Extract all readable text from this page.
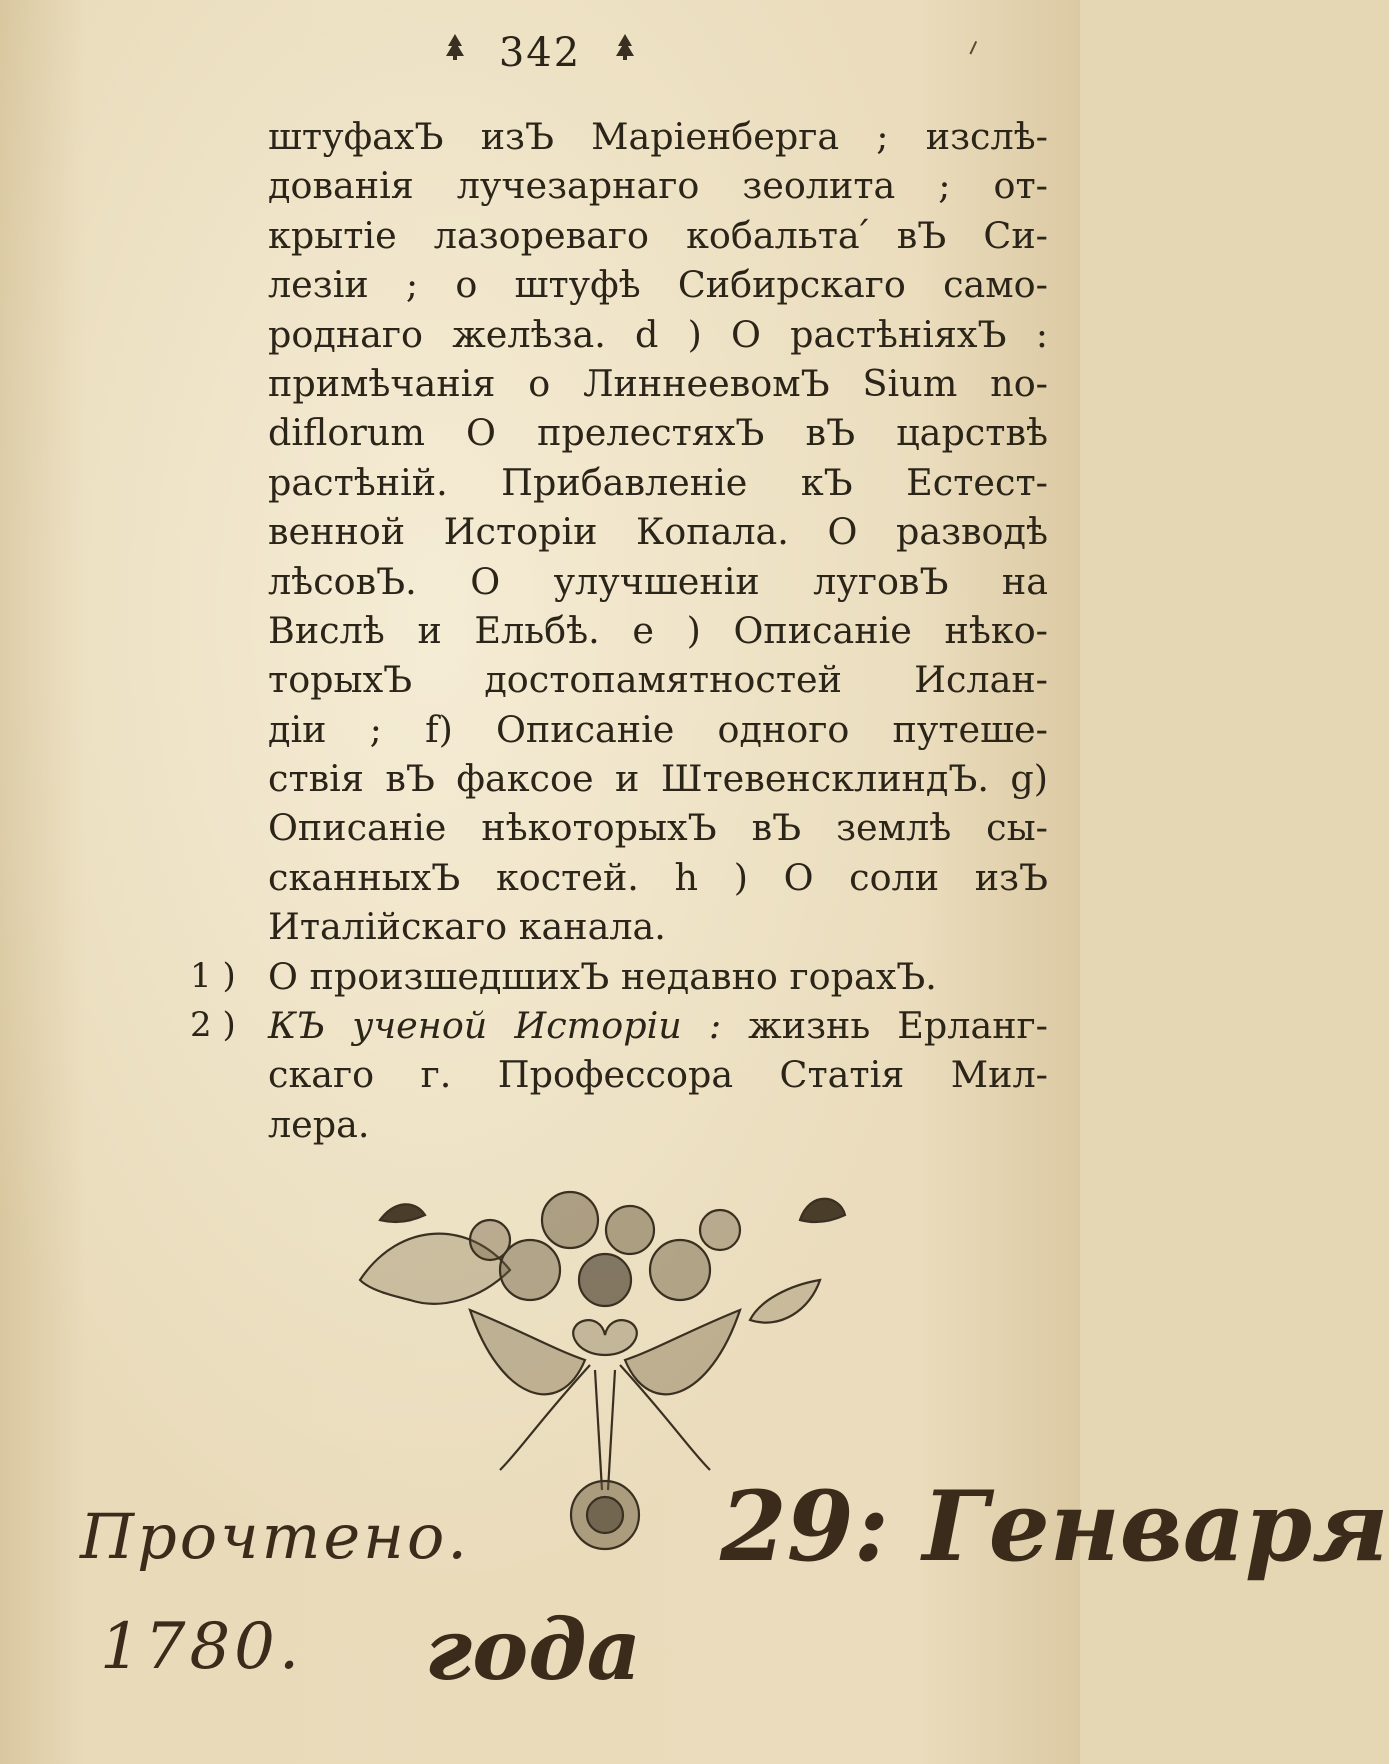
342
штуфахЪ изЪ Маріенберга ; изслѣ-
дованія лучезарнаго зеолита ; от-
крытіе лазореваго кобальта ́вЪ Си-
лезіи ; о штуфѣ Сибирскаго само-
роднаго желѣза. d ) О растѣніяхЪ :
примѣчанія о ЛиннеевомЪ Sium no-
diflorum О прелестяхЪ вЪ царствѣ
растѣній. Прибавленіе кЪ Естест-
венной Исторіи Копала. О разводѣ
лѣсовЪ. О улучшеніи луговЪ на
Вислѣ и Ельбѣ. е ) Описаніе нѣко-
торыхЪ достопамятностей Ислан-
діи ; f) Описаніе одного путеше-
ствія вЪ факсое и ШтевенсклиндЪ. g)
Описаніе нѣкоторыхЪ вЪ землѣ сы-
сканныхЪ костей. h ) О соли изЪ
Италійскаго канала.
1 ) О произшедшихЪ недавно горахЪ.
2 ) КЪ ученой Исторіи : жизнь Ерланг-
скаго г. Профессора Статія Мил-
лера.
Прочтено.	29: Генваря
1780. года
